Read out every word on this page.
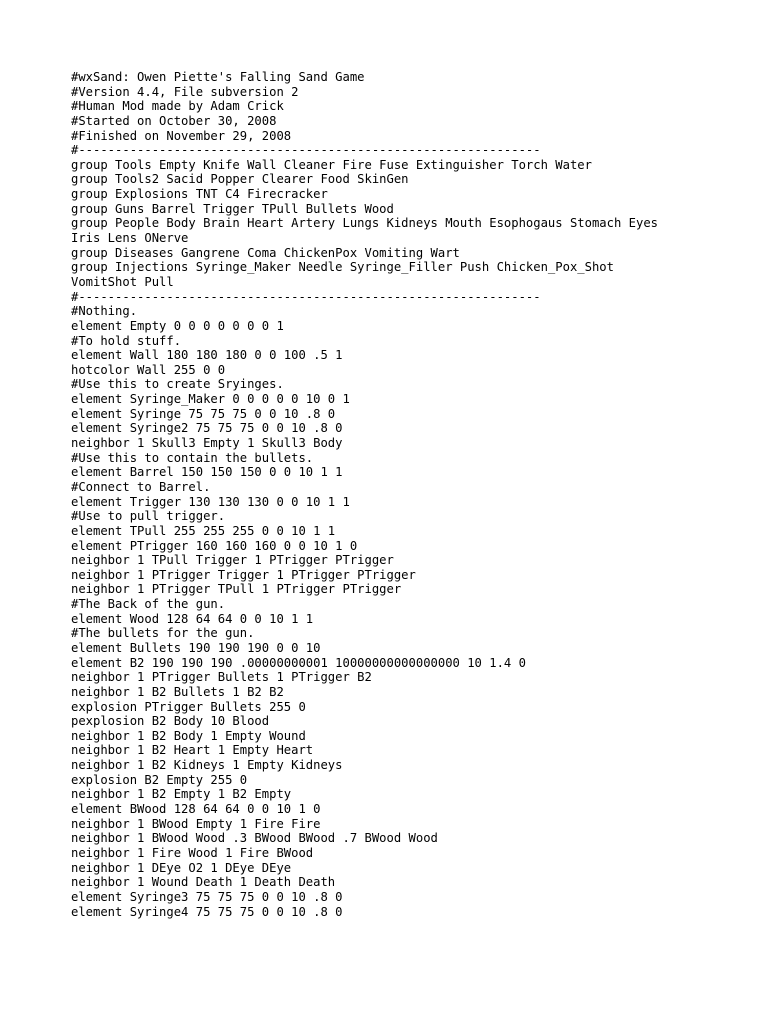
#wxSand: Owen Piette's Falling Sand Game
#Version 4.4, File subversion 2
#Human Mod made by Adam Crick
#Started on October 30, 2008
#Finished on November 29, 2008
#---------------------------------------------------------------
group Tools Empty Knife Wall Cleaner Fire Fuse Extinguisher Torch Water
group Tools2 Sacid Popper Clearer Food SkinGen
group Explosions TNT C4 Firecracker
group Guns Barrel Trigger TPull Bullets Wood
group People Body Brain Heart Artery Lungs Kidneys Mouth Esophogaus Stomach Eyes
Iris Lens ONerve
group Diseases Gangrene Coma ChickenPox Vomiting Wart
group Injections Syringe_Maker Needle Syringe_Filler Push Chicken_Pox_Shot
VomitShot Pull
#---------------------------------------------------------------
#Nothing.
element Empty 0 0 0 0 0 0 0 1
#To hold stuff.
element Wall 180 180 180 0 0 100 .5 1
hotcolor Wall 255 0 0
#Use this to create Sryinges.
element Syringe_Maker 0 0 0 0 0 10 0 1
element Syringe 75 75 75 0 0 10 .8 0
element Syringe2 75 75 75 0 0 10 .8 0
neighbor 1 Skull3 Empty 1 Skull3 Body
#Use this to contain the bullets.
element Barrel 150 150 150 0 0 10 1 1
#Connect to Barrel.
element Trigger 130 130 130 0 0 10 1 1
#Use to pull trigger.
element TPull 255 255 255 0 0 10 1 1
element PTrigger 160 160 160 0 0 10 1 0
neighbor 1 TPull Trigger 1 PTrigger PTrigger
neighbor 1 PTrigger Trigger 1 PTrigger PTrigger
neighbor 1 PTrigger TPull 1 PTrigger PTrigger
#The Back of the gun.
element Wood 128 64 64 0 0 10 1 1
#The bullets for the gun.
element Bullets 190 190 190 0 0 10
element B2 190 190 190 .00000000001 10000000000000000 10 1.4 0
neighbor 1 PTrigger Bullets 1 PTrigger B2
neighbor 1 B2 Bullets 1 B2 B2
explosion PTrigger Bullets 255 0
pexplosion B2 Body 10 Blood
neighbor 1 B2 Body 1 Empty Wound
neighbor 1 B2 Heart 1 Empty Heart
neighbor 1 B2 Kidneys 1 Empty Kidneys
explosion B2 Empty 255 0
neighbor 1 B2 Empty 1 B2 Empty
element BWood 128 64 64 0 0 10 1 0
neighbor 1 BWood Empty 1 Fire Fire
neighbor 1 BWood Wood .3 BWood BWood .7 BWood Wood
neighbor 1 Fire Wood 1 Fire BWood
neighbor 1 DEye O2 1 DEye DEye
neighbor 1 Wound Death 1 Death Death
element Syringe3 75 75 75 0 0 10 .8 0
element Syringe4 75 75 75 0 0 10 .8 0
